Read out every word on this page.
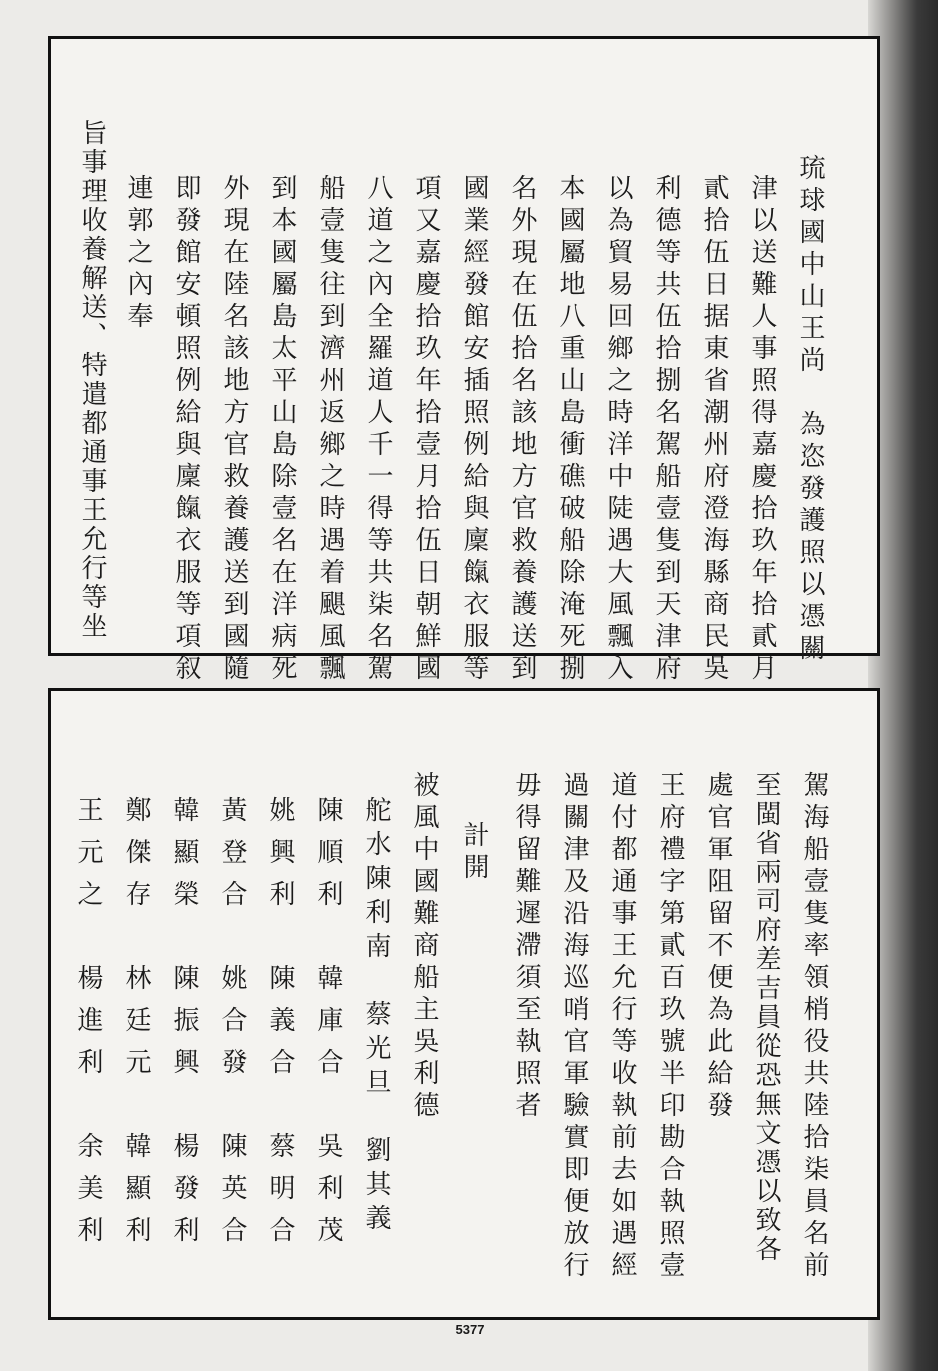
琉球國中山王尚　為恣發護照以憑關
津以送難人事照得嘉慶拾玖年拾貳月
貳拾伍日据東省潮州府澄海縣商民吳
利德等共伍拾捌名駕船壹隻到天津府
以為貿易回鄉之時洋中陡遇大風飄入
本國屬地八重山島衝礁破船除淹死捌
名外現在伍拾名該地方官救養護送到
國業經發館安插照例給與廩餼衣服等
項又嘉慶拾玖年拾壹月拾伍日朝鮮國
八道之內全羅道人千一得等共柒名駕
船壹隻往到濟州返鄉之時遇着颶風飄
到本國屬島太平山島除壹名在洋病死
外現在陸名該地方官救養護送到國隨
即發館安頓照例給與廩餼衣服等項叙
連郭之內奉
旨事理收養解送、特遣都通事王允行等坐
駕海船壹隻率領梢役共陸拾柒員名前
至閩省兩司府差吉員從恐無文憑以致各
處官軍阻留不便為此給發
王府禮字第貳百玖號半印勘合執照壹
道付都通事王允行等收執前去如遇經
過關津及沿海巡哨官軍驗實即便放行
毋得留難遲滯須至執照者
計開
被風中國難商船主吳利德
舵水陳利南　蔡光旦　劉其義
陳順利　韓庫合　吳利茂
姚興利　陳義合　蔡明合
黃登合　姚合發　陳英合
韓顯榮　陳振興　楊發利
鄭傑存　林廷元　韓顯利
王元之　楊進利　余美利
5377
